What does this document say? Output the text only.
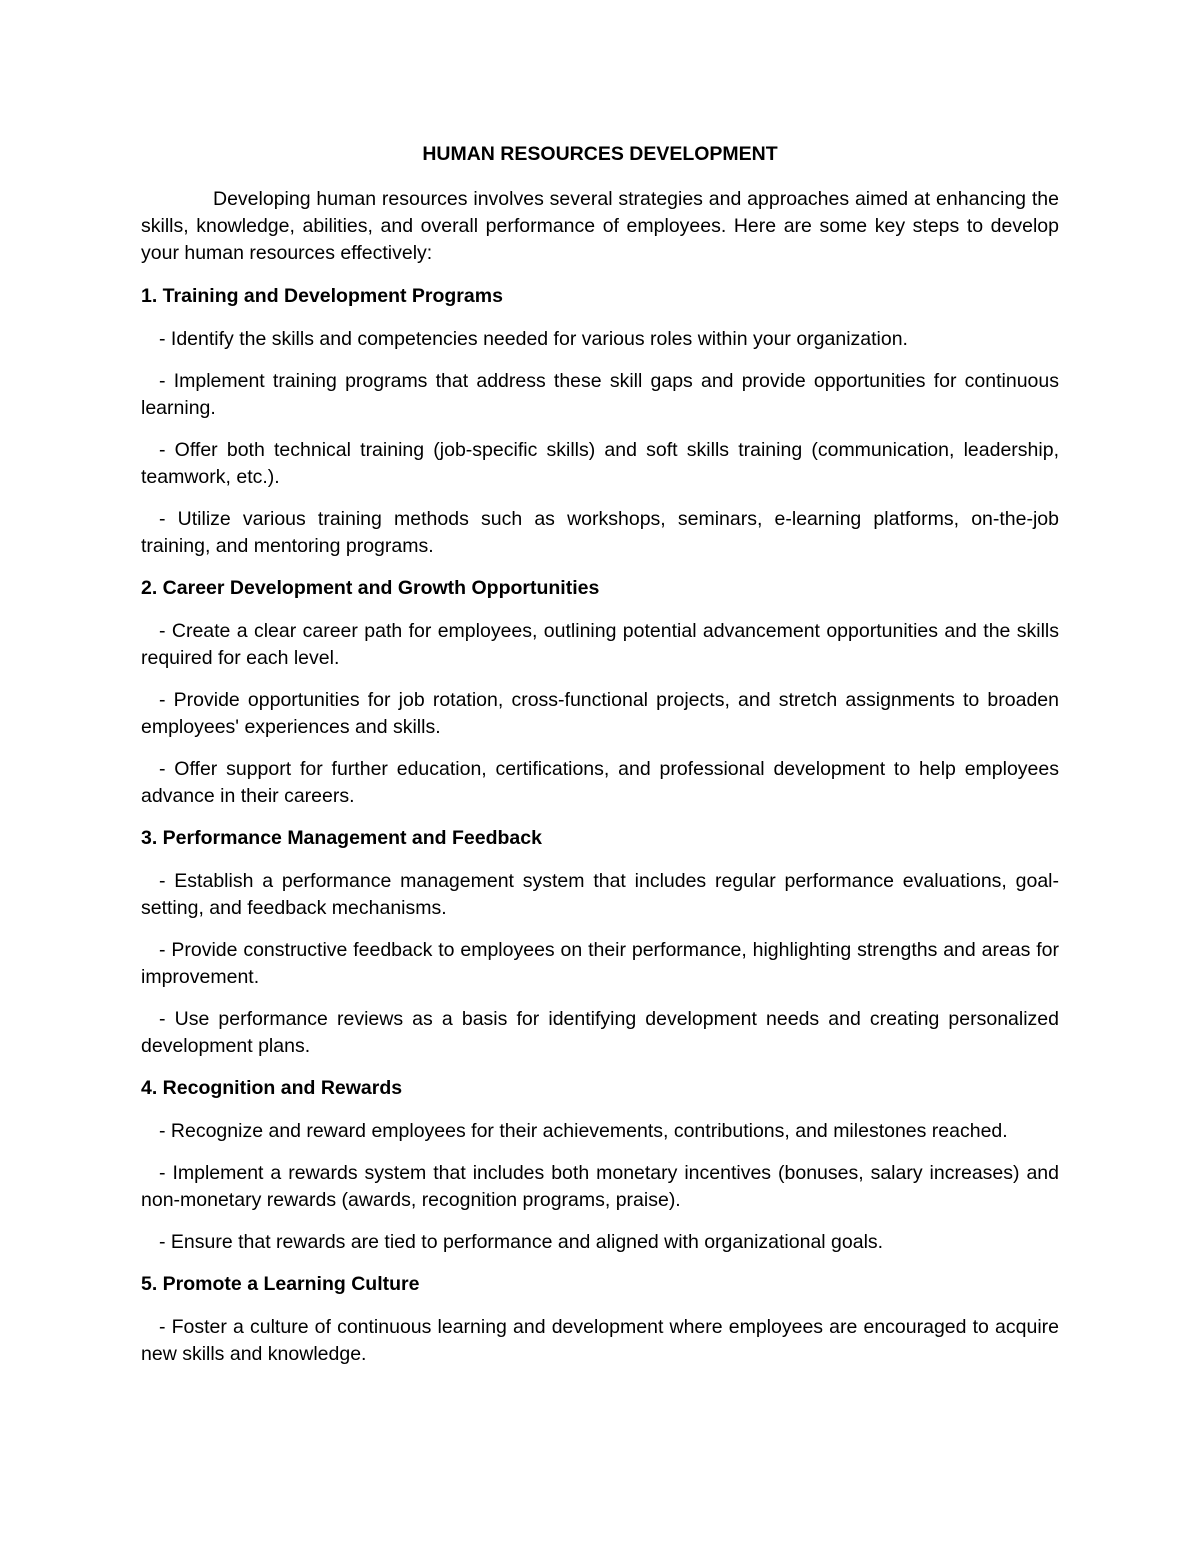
HUMAN RESOURCES DEVELOPMENT

Developing human resources involves several strategies and approaches aimed at enhancing the skills, knowledge, abilities, and overall performance of employees. Here are some key steps to develop your human resources effectively:

1. Training and Development Programs

- Identify the skills and competencies needed for various roles within your organization.

- Implement training programs that address these skill gaps and provide opportunities for continuous learning.

- Offer both technical training (job-specific skills) and soft skills training (communication, leadership, teamwork, etc.).

- Utilize various training methods such as workshops, seminars, e-learning platforms, on-the-job training, and mentoring programs.

2. Career Development and Growth Opportunities

- Create a clear career path for employees, outlining potential advancement opportunities and the skills required for each level.

- Provide opportunities for job rotation, cross-functional projects, and stretch assignments to broaden employees' experiences and skills.

- Offer support for further education, certifications, and professional development to help employees advance in their careers.

3. Performance Management and Feedback

- Establish a performance management system that includes regular performance evaluations, goal-setting, and feedback mechanisms.

- Provide constructive feedback to employees on their performance, highlighting strengths and areas for improvement.

- Use performance reviews as a basis for identifying development needs and creating personalized development plans.

4. Recognition and Rewards

- Recognize and reward employees for their achievements, contributions, and milestones reached.

- Implement a rewards system that includes both monetary incentives (bonuses, salary increases) and non-monetary rewards (awards, recognition programs, praise).

- Ensure that rewards are tied to performance and aligned with organizational goals.

5. Promote a Learning Culture

- Foster a culture of continuous learning and development where employees are encouraged to acquire new skills and knowledge.
